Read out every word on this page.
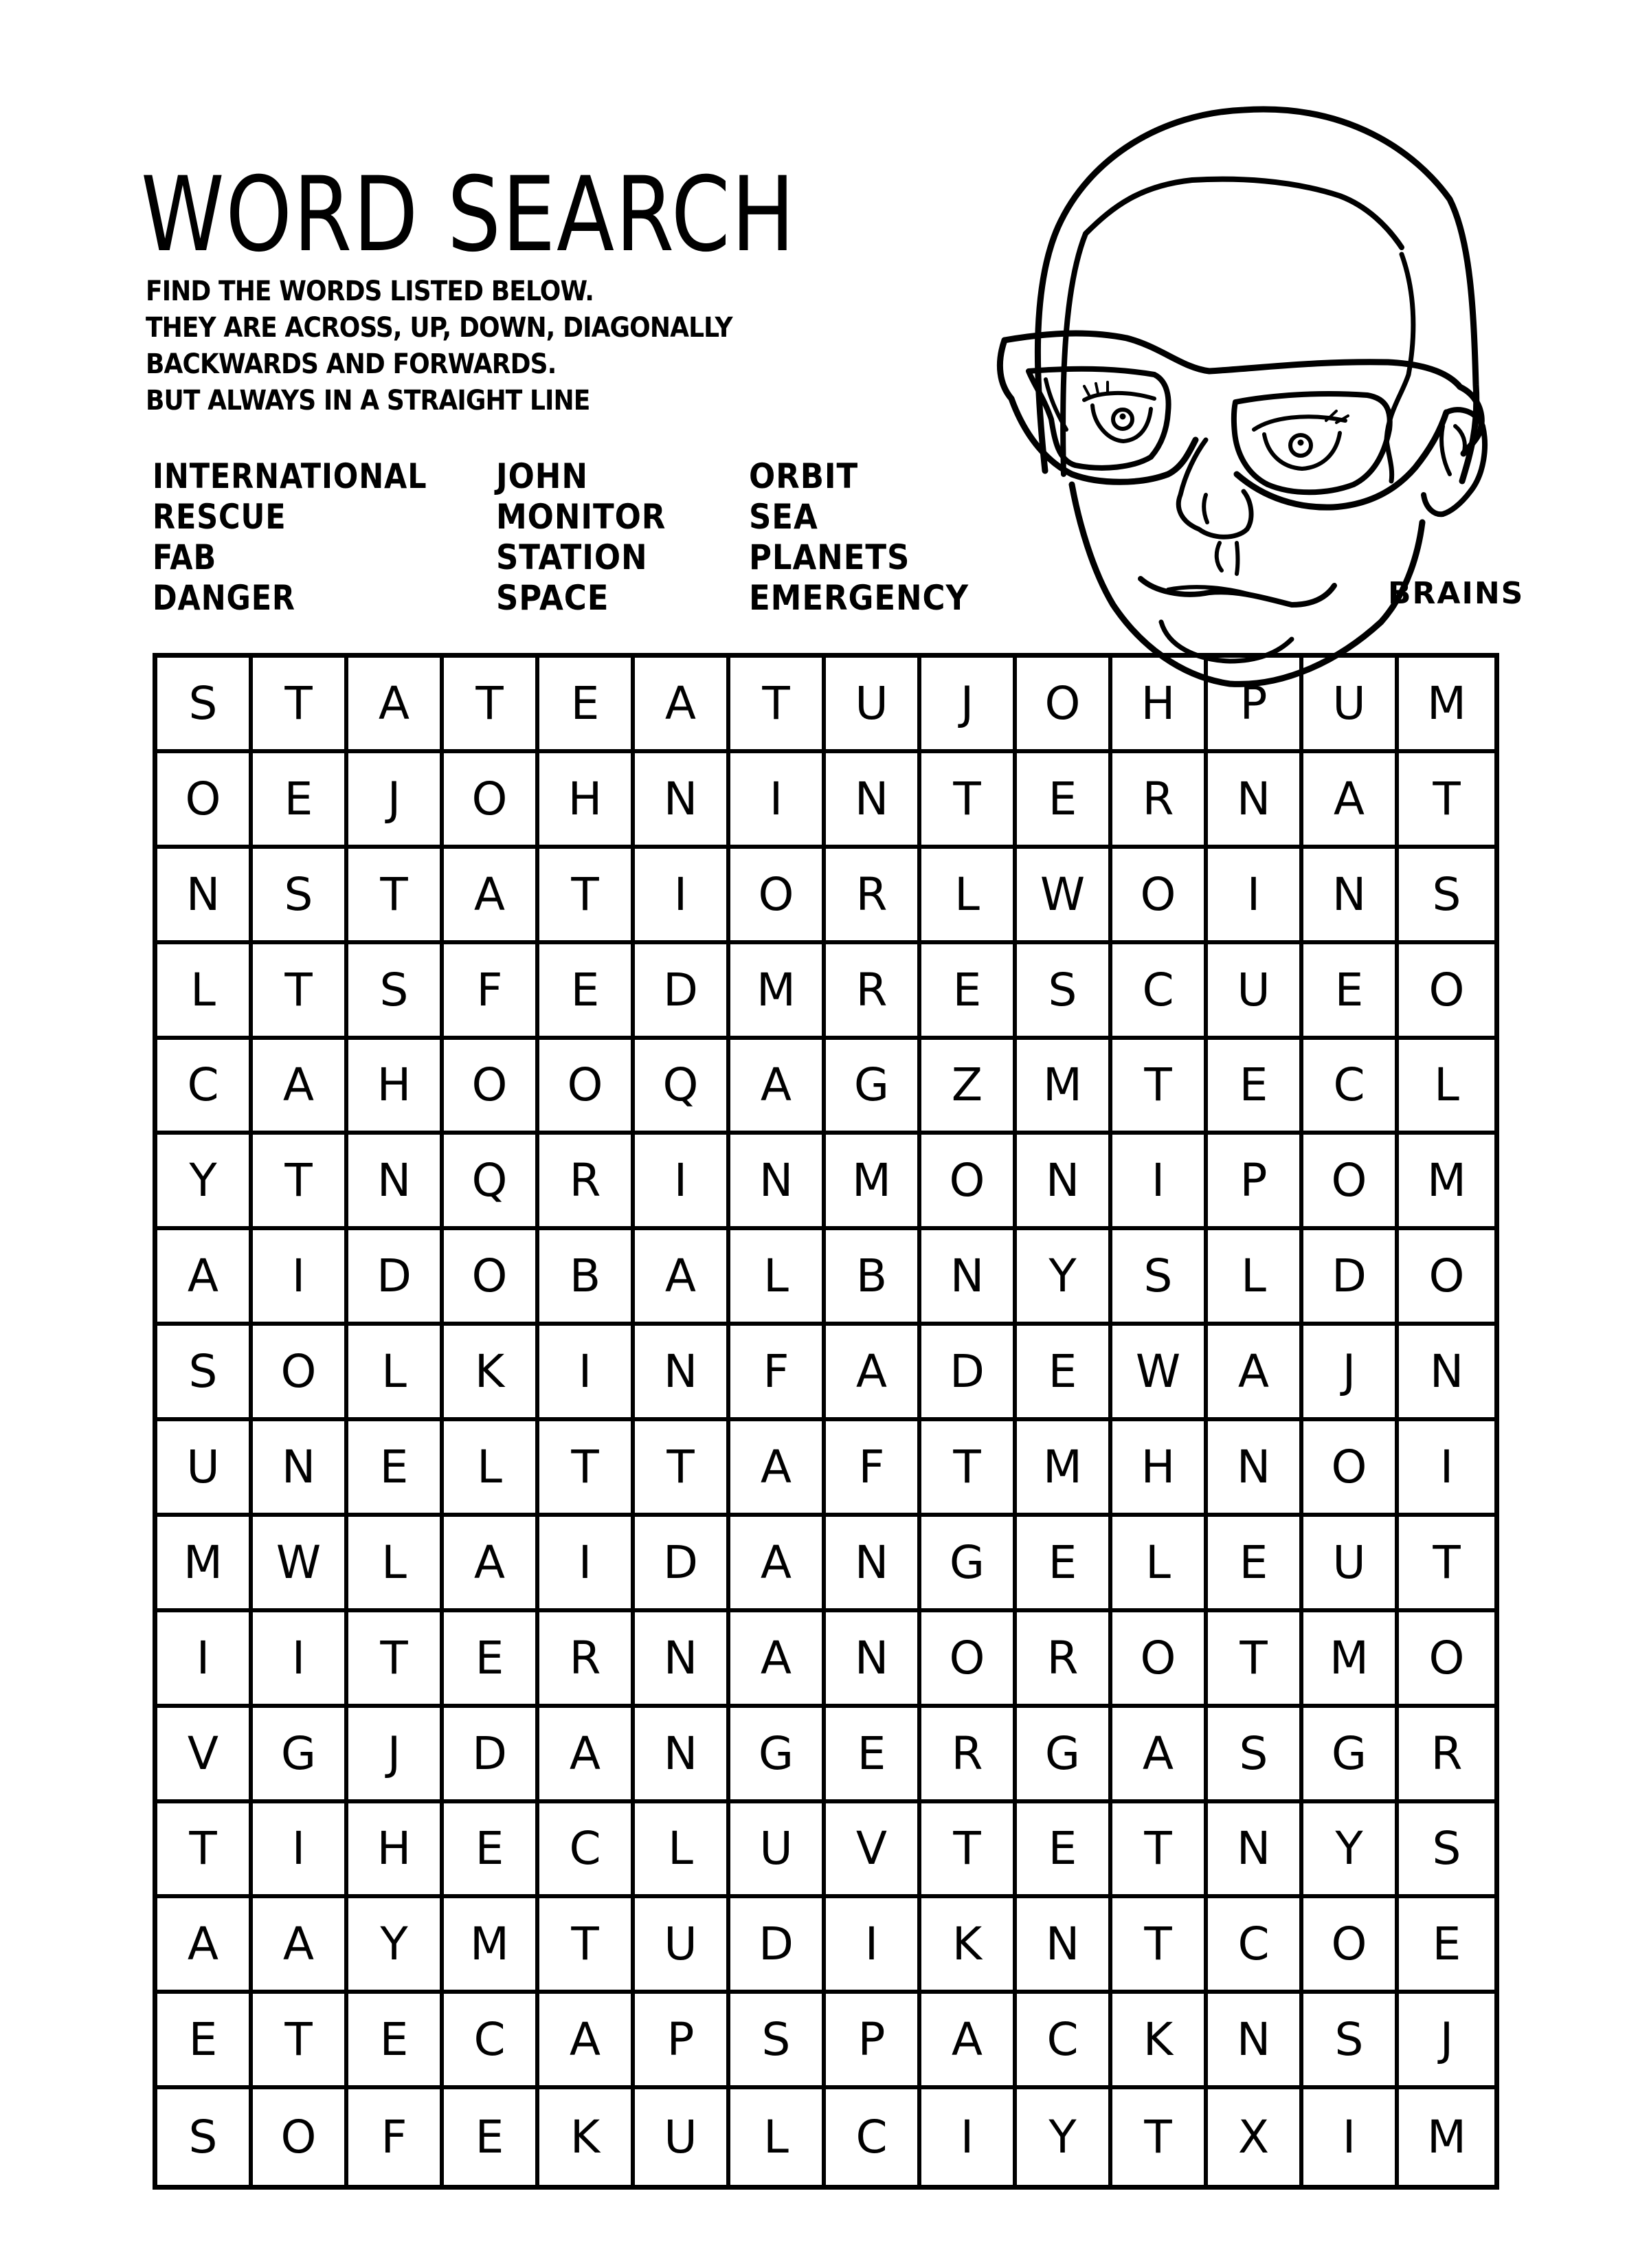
WORD SEARCH
FIND THE WORDS LISTED BELOW.
THEY ARE ACROSS, UP, DOWN, DIAGONALLY
BACKWARDS AND FORWARDS.
BUT ALWAYS IN A STRAIGHT LINE
INTERNATIONAL
RESCUE
FAB
DANGER
JOHN
MONITOR
STATION
SPACE
ORBIT
SEA
PLANETS
EMERGENCY	BRAINS
S	T	A	T	E	A	T	U	J	O	H	P	U	M
O	E	J	O	H	N	I	N	T	E	R	N	A	T
N	S	T	A	T	I	O	R	L	W	O	I	N	S
L	T	S	F	E	D	M	R	E	S	C	U	E	O
C	A	H	O	O	Q	A	G	Z	M	T	E	C	L
Y	T	N	Q	R	I	N	M	O	N	I	P	O	M
A	I	D	O	B	A	L	B	N	Y	S	L	D	O
S	O	L	K	I	N	F	A	D	E	W	A	J	N
U	N	E	L	T	T	A	F	T	M	H	N	O	I
M	W	L	A	I	D	A	N	G	E	L	E	U	T
I	I	T	E	R	N	A	N	O	R	O	T	M	O
V	G	J	D	A	N	G	E	R	G	A	S	G	R
T	I	H	E	C	L	U	V	T	E	T	N	Y	S
A	A	Y	M	T	U	D	I	K	N	T	C	O	E
E	T	E	C	A	P	S	P	A	C	K	N	S	J
S	O	F	E	K	U	L	C	I	Y	T	X	I	M
